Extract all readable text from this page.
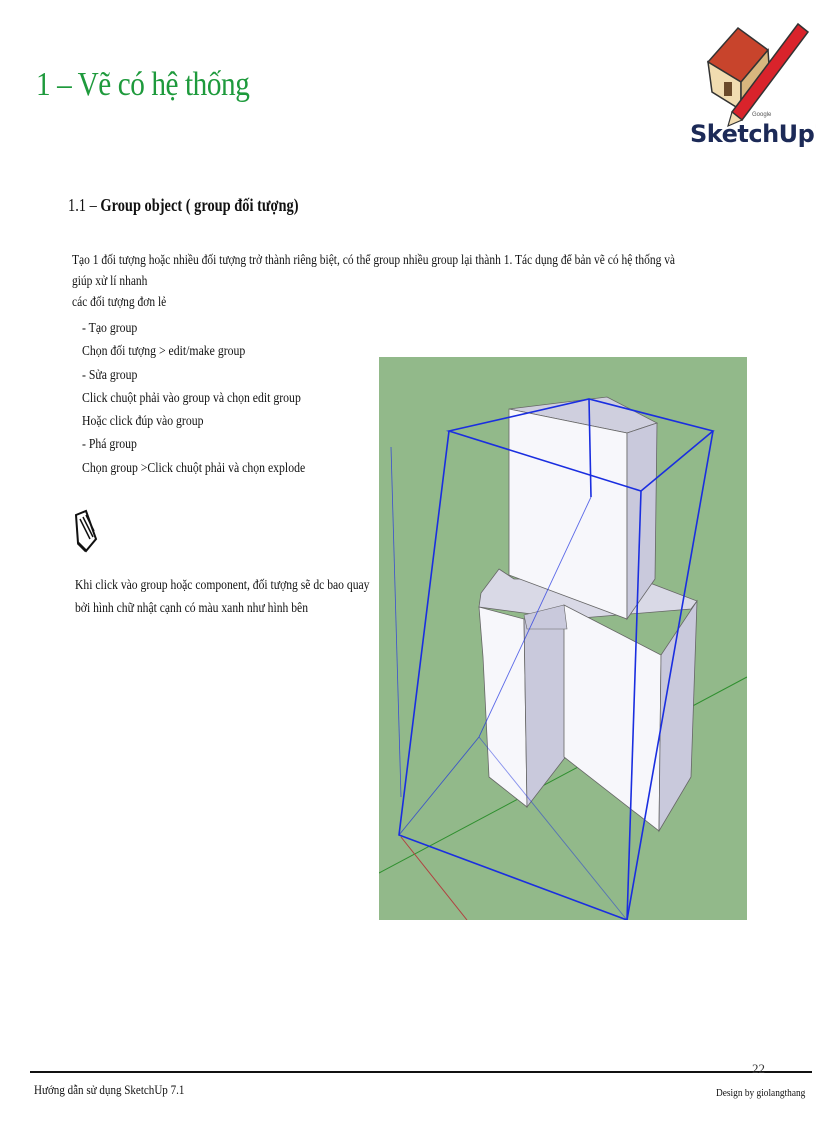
1 – Vẽ có hệ thống
Google
SketchUp
1.1 – Group object ( group đối tượng)
Tạo 1 đối tượng hoặc nhiều đối tượng trở thành riêng biệt, có thể group nhiều group lại thành 1. Tác dụng để bản vẽ có hệ thống và giúp xử lí nhanh
các đối tượng đơn lẻ
- Tạo group
Chọn đối tượng > edit/make group
- Sửa group
Click chuột phải vào group và chọn edit group
Hoặc click đúp vào group
- Phá group
Chọn group >Click chuột phải và chọn explode
Khi click vào group hoặc component, đối tượng sẽ dc bao quay
bởi hình chữ nhật cạnh có màu xanh như hình bên
22
Hướng dẫn sử dụng SketchUp 7.1	Design by giolangthang
